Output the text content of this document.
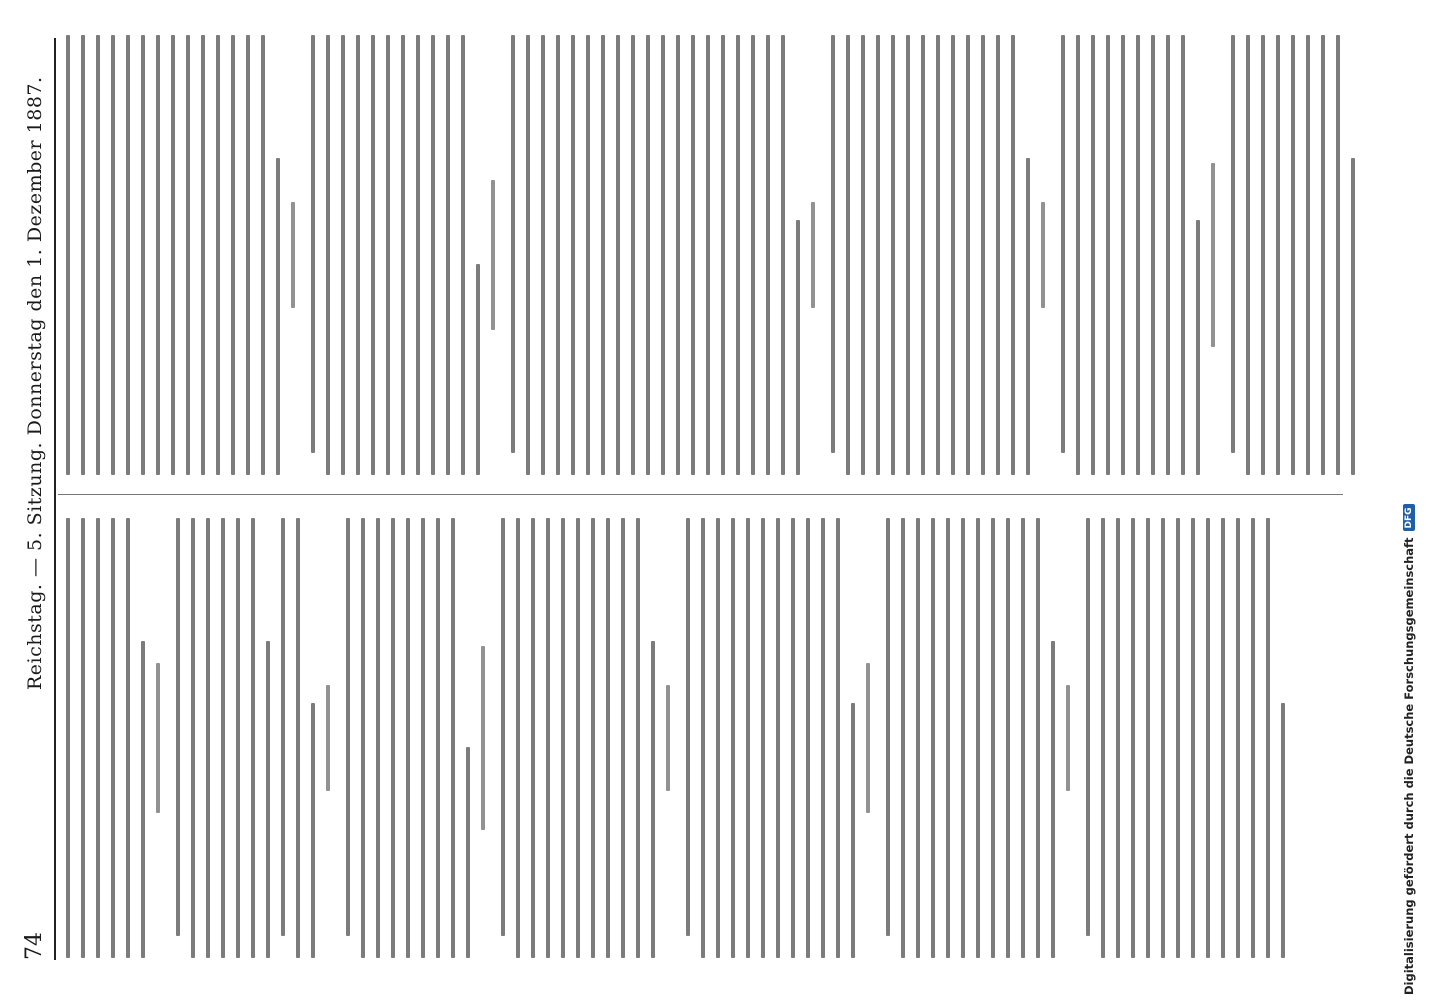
74
Reichstag. — 5. Sitzung. Donnerstag den 1. Dezember 1887.
Digitalisierung gefördert durch die Deutsche Forschungsgemeinschaft
DFG
